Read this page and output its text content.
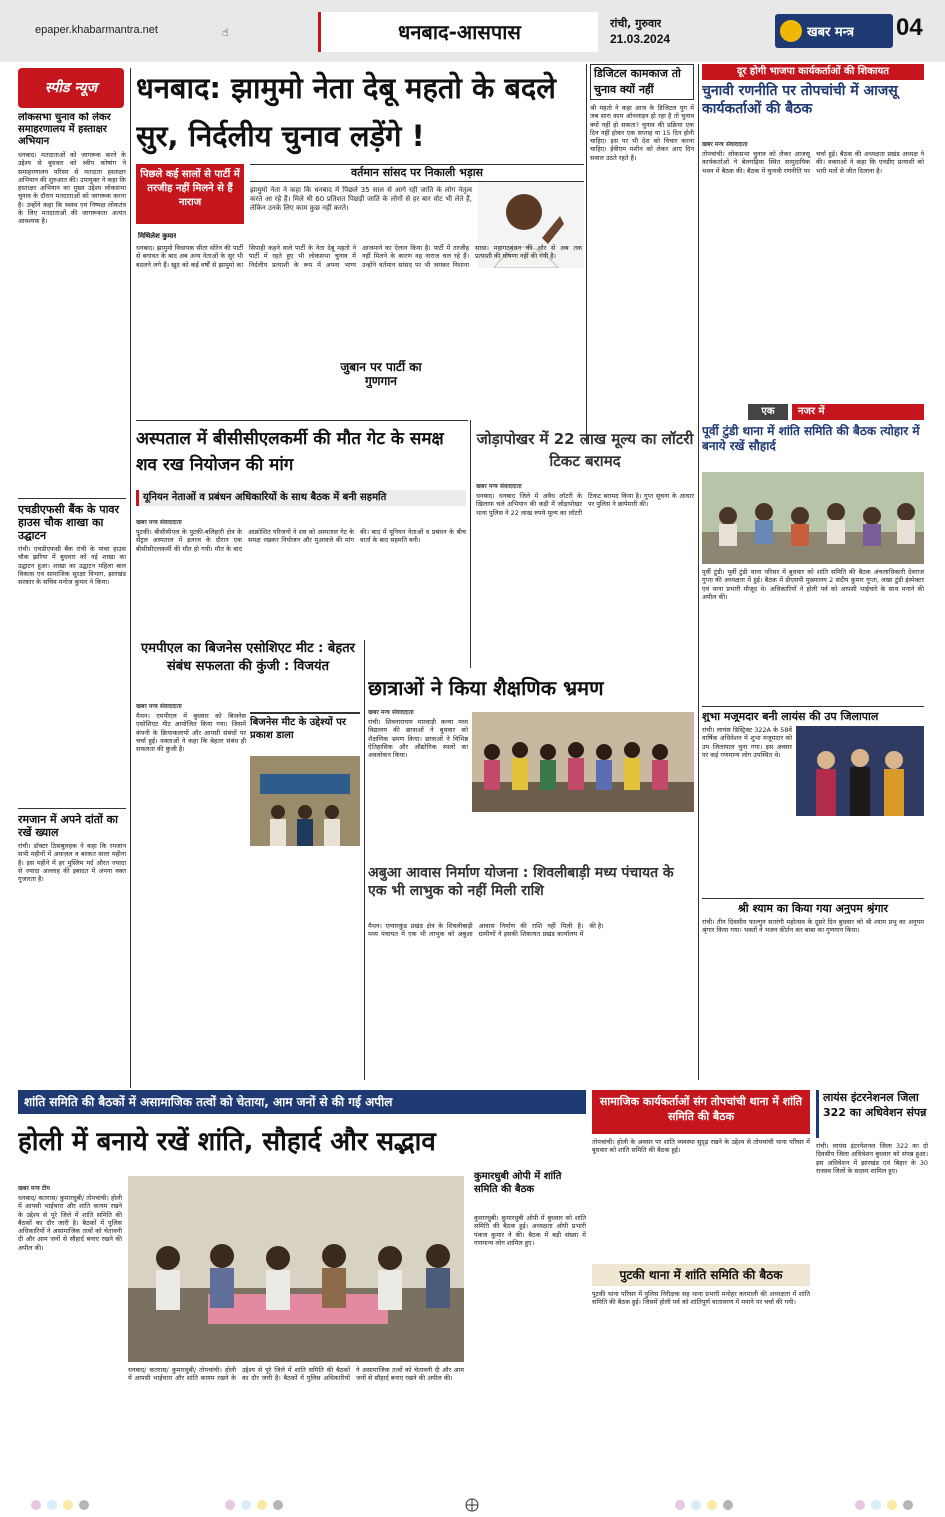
epaper.khabarmantra.net	☝	धनबाद-आसपास	रांची, गुरुवार
21.03.2024	खबर मन्त्र 04
स्पीड न्यूज
लोकसभा चुनाव को लेकर समाहरणालय में हस्ताक्षर अभियान
धनबाद। मतदाताओं को जागरूक करने के उद्देश्य से बुधवार को स्वीप कोषांग ने समाहरणालय परिसर से मतदाता हस्ताक्षर अभियान की शुरुआत की। उपायुक्त ने कहा कि हस्ताक्षर अभियान का मुख्य उद्देश्य लोकसभा चुनाव के दौरान मतदाताओं को जागरूक करना है। उन्होंने कहा कि स्वस्थ एवं निष्पक्ष लोकतंत्र के लिए मतदाताओं की जागरूकता अत्यंत आवश्यक है।
एचडीएफसी बैंक के पावर हाउस चौक शाखा का उद्घाटन
रांची। एचडीएफसी बैंक रांची के पावर हाउस चौक झरिया में बुधवार को नई शाखा का उद्घाटन हुआ। शाखा का उद्घाटन महिला बाल विकास एवं सामाजिक सुरक्षा विभाग, झारखंड सरकार के सचिव मनोज कुमार ने किया।
रमजान में अपने दांतों का रखें ख्याल
रांची। डॉक्टर ठिसबुलहक ने कहा कि रमजान सभी महीनों में अफ़ज़ल व बरकत वाला महीना है। इस महीने में हर मुस्लिम मर्द औरत ज्यादा से ज्यादा अल्लाह की इबादत में अपना वक्त गुजारता है।
धनबाद: झामुमो नेता देबू महतो के बदले सुर, निर्दलीय चुनाव लड़ेंगे !
पिछले कई सालों से पार्टी में तरजीह नहीं मिलने से हैं नाराज
मिथिलेश कुमार
वर्तमान सांसद पर निकाली भड़ास
झामुमो नेता ने कहा कि धनबाद में पिछले 35 साल से आगे रही जाति के लोग नेतृत्व करते आ रहे हैं। मिले थी 60 प्रतिशत पिछड़ी जाति के लोगों से हर बार वोट भी लेते हैं, लेकिन उनके लिए काम कुछ नहीं करते।
धनबाद। झामुमो विधायक सीता सोरेन की पार्टी से बगावत के बाद अब अन्य नेताओं के सुर भी बदलने लगे हैं। खुद को कई वर्षों से झामुमो का सिपाही कहने वाले पार्टी के नेता देबू महतो ने पार्टी में रहते हुए भी लोकसभा चुनाव में निर्दलीय प्रत्याशी के रूप में अपना भाग्य आजमाने का ऐलान किया है। पार्टी में तरजीह नहीं मिलने के कारण वह नाराज चल रहे हैं। उन्होंने वर्तमान सांसद पर भी जमकर निशाना साधा। महागठबंधन की ओर से अब तक प्रत्याशी की घोषणा नहीं की गयी है।
जुबान पर पार्टी का गुणगान
डिजिटल कामकाज तो चुनाव क्यों नहीं
श्री महतो ने कहा आज के डिजिटल युग में जब सारा काम ऑनलाइन हो रहा है तो चुनाव क्यों नहीं हो सकता? चुनाव की प्रक्रिया एक दिन नहीं होकर एक सप्ताह या 15 दिन होनी चाहिए। इस पर भी देश को विचार करना चाहिए। ईवीएम मशीन को लेकर आए दिन सवाल उठते रहते हैं।
दूर होगी भाजपा कार्यकर्ताओं की शिकायत
चुनावी रणनीति पर तोपचांची में आजसू कार्यकर्ताओं की बैठक
खबर मन्त्र संवाददाता
तोपचांची। लोकसभा चुनाव को लेकर आजसू कार्यकर्ताओं ने बेलगढ़िया स्थित सामुदायिक भवन में बैठक की। बैठक में चुनावी रणनीति पर चर्चा हुई। बैठक की अध्यक्षता प्रखंड अध्यक्ष ने की। वक्ताओं ने कहा कि एनडीए प्रत्याशी को भारी मतों से जीत दिलाना है।
एक	नजर में
पूर्वी टुंडी थाना में शांति समिति की बैठक त्योहार में बनाये रखें सौहार्द
पूर्वी टुंडी। पूर्वी टुंडी थाना परिसर में बुधवार को शांति समिति की बैठक अंचलाधिकारी देवराज गुप्ता की अध्यक्षता में हुई। बैठक में डीएसपी मुख्यालय 2 संदीप कुमार गुप्ता, लखा टुंडी इंस्पेक्टर एवं थाना प्रभारी मौजूद थे। अधिकारियों ने होली पर्व को आपसी भाईचारे के साथ मनाने की अपील की।
शुभा मजूमदार बनी लायंस की उप जिलापाल
रांची। लायंस डिस्ट्रिक्ट 322A के 58वें वार्षिक अधिवेशन में शुभा मजूमदार को उप जिलापाल चुना गया। इस अवसर पर कई गणमान्य लोग उपस्थित थे।
श्री श्याम का किया गया अनुपम श्रृंगार
रांची। तीन दिवसीय फाल्गुन सतरंगी महोत्सव के दूसरे दिन बुधवार को श्री श्याम प्रभु का अनुपम श्रृंगार किया गया। भक्तों ने भजन कीर्तन कर बाबा का गुणगान किया।
अस्पताल में बीसीसीएलकर्मी की मौत गेट के समक्ष शव रख नियोजन की मांग
यूनियन नेताओं व प्रबंधन अधिकारियों के साथ बैठक में बनी सहमति
खबर मन्त्र संवाददाता
पुटकी। बीसीसीएल के पुटकी-बलिहारी क्षेत्र के सेंट्रल अस्पताल में इलाज के दौरान एक बीसीसीएलकर्मी की मौत हो गयी। मौत के बाद आक्रोशित परिजनों ने शव को अस्पताल गेट के समक्ष रखकर नियोजन और मुआवजे की मांग की। बाद में यूनियन नेताओं व प्रबंधन के बीच वार्ता के बाद सहमति बनी।
जोड़ापोखर में 22 लाख मूल्य का लॉटरी टिकट बरामद
खबर मन्त्र संवाददाता
धनबाद। धनबाद जिले में अवैध लॉटरी के खिलाफ चले अभियान की कड़ी में जोड़ापोखर थाना पुलिस ने 22 लाख रुपये मूल्य का लॉटरी टिकट बरामद किया है। गुप्त सूचना के आधार पर पुलिस ने छापेमारी की।
एमपीएल का बिजनेस एसोशिएट मीट : बेहतर संबंध सफलता की कुंजी : विजयंत
खबर मन्त्र संवाददाता
मैथन। एमपीएल में बुधवार को बिजनेस एसोशिएट मीट आयोजित किया गया। जिसमें कंपनी के क्रियाकलापों और आपसी संबंधों पर चर्चा हुई। वक्ताओं ने कहा कि बेहतर संबंध ही सफलता की कुंजी है।
बिजनेस मीट के उद्देश्यों पर प्रकाश डाला
छात्राओं ने किया शैक्षणिक भ्रमण
खबर मन्त्र संवाददाता
रांची। शिवनारायण मारवाड़ी कन्या मध्य विद्यालय की छात्राओं ने बुधवार को शैक्षणिक भ्रमण किया। छात्राओं ने विभिन्न ऐतिहासिक और औद्योगिक स्थलों का अवलोकन किया।
अबुआ आवास निर्माण योजना : शिवलीबाड़ी मध्य पंचायत के एक भी लाभुक को नहीं मिली राशि
मैथन। एग्यारकुंड प्रखंड क्षेत्र के शिवलीबाड़ी मध्य पंचायत में एक भी लाभुक को अबुआ आवास निर्माण की राशि नहीं मिली है। ग्रामीणों ने इसकी शिकायत प्रखंड कार्यालय में की है।
शांति समिति की बैठकों में असामाजिक तत्वों को चेताया, आम जनों से की गई अपील
होली में बनाये रखें शांति, सौहार्द और सद्भाव
खबर मन्त्र टीम
धनबाद/ कतरास/ कुमारधुबी/ तोपचांची। होली में आपसी भाईचारा और शांति कायम रखने के उद्देश्य से पूरे जिले में शांति समिति की बैठकों का दौर जारी है। बैठकों में पुलिस अधिकारियों ने असामाजिक तत्वों को चेतावनी दी और आम जनों से सौहार्द बनाए रखने की अपील की।
धनबाद/ कतरास/ कुमारधुबी/ तोपचांची। होली में आपसी भाईचारा और शांति कायम रखने के उद्देश्य से पूरे जिले में शांति समिति की बैठकों का दौर जारी है। बैठकों में पुलिस अधिकारियों ने असामाजिक तत्वों को चेतावनी दी और आम जनों से सौहार्द बनाए रखने की अपील की।
कुमारधुबी ओपी में शांति समिति की बैठक
कुमारधुबी। कुमारधुबी ओपी में बुधवार को शांति समिति की बैठक हुई। अध्यक्षता ओपी प्रभारी पंकज कुमार ने की। बैठक में बड़ी संख्या में गणमान्य लोग शामिल हुए।
सामाजिक कार्यकर्ताओं संग तोपचांची थाना में शांति समिति की बैठक
तोपचांची। होली के अवसर पर शांति व्यवस्था सुदृढ़ रखने के उद्देश्य से तोपचांची थाना परिसर में बुधवार को शांति समिति की बैठक हुई।
पुटकी थाना में शांति समिति की बैठक
पुटकी थाना परिसर में पुलिस निरीक्षक सह थाना प्रभारी मनोहर करमाली की अध्यक्षता में शांति समिति की बैठक हुई। जिसमें होली पर्व को शांतिपूर्ण वातावरण में मनाने पर चर्चा की गयी।
लायंस इंटरनेशनल जिला 322 का अधिवेशन संपन्न
रांची। लायंस इंटरनेशनल जिला 322 का दो दिवसीय जिला अधिवेशन बुधवार को संपन्न हुआ। इस अधिवेशन में झारखंड एवं बिहार के 30 राजस्व जिलों के सदस्य शामिल हुए।
